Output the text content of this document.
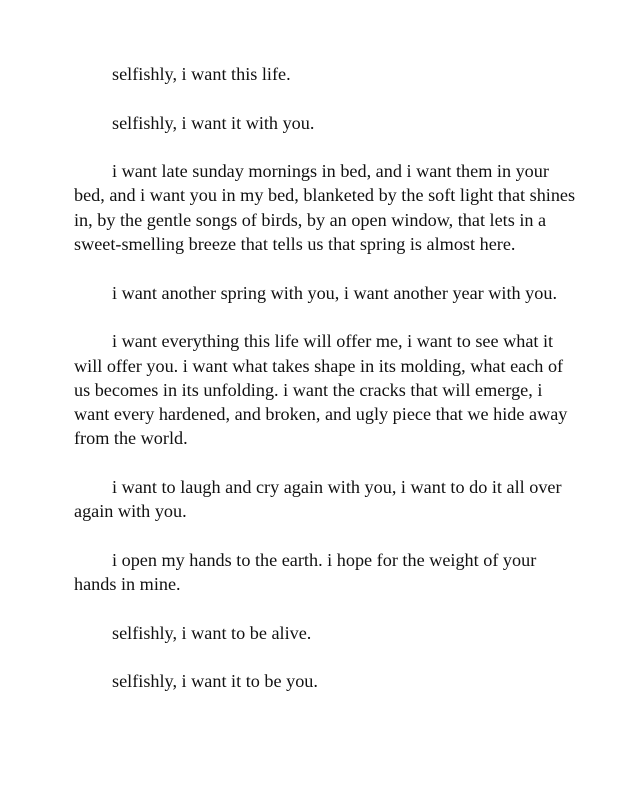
selfishly, i want this life.

selfishly, i want it with you.

i want late sunday mornings in bed, and i want them in your bed, and i want you in my bed, blanketed by the soft light that shines in, by the gentle songs of birds, by an open window, that lets in a sweet-smelling breeze that tells us that spring is almost here.

i want another spring with you, i want another year with you.

i want everything this life will offer me, i want to see what it will offer you. i want what takes shape in its molding, what each of us becomes in its unfolding. i want the cracks that will emerge, i want every hardened, and broken, and ugly piece that we hide away from the world.

i want to laugh and cry again with you, i want to do it all over again with you.

i open my hands to the earth. i hope for the weight of your hands in mine.

selfishly, i want to be alive.

selfishly, i want it to be you.
